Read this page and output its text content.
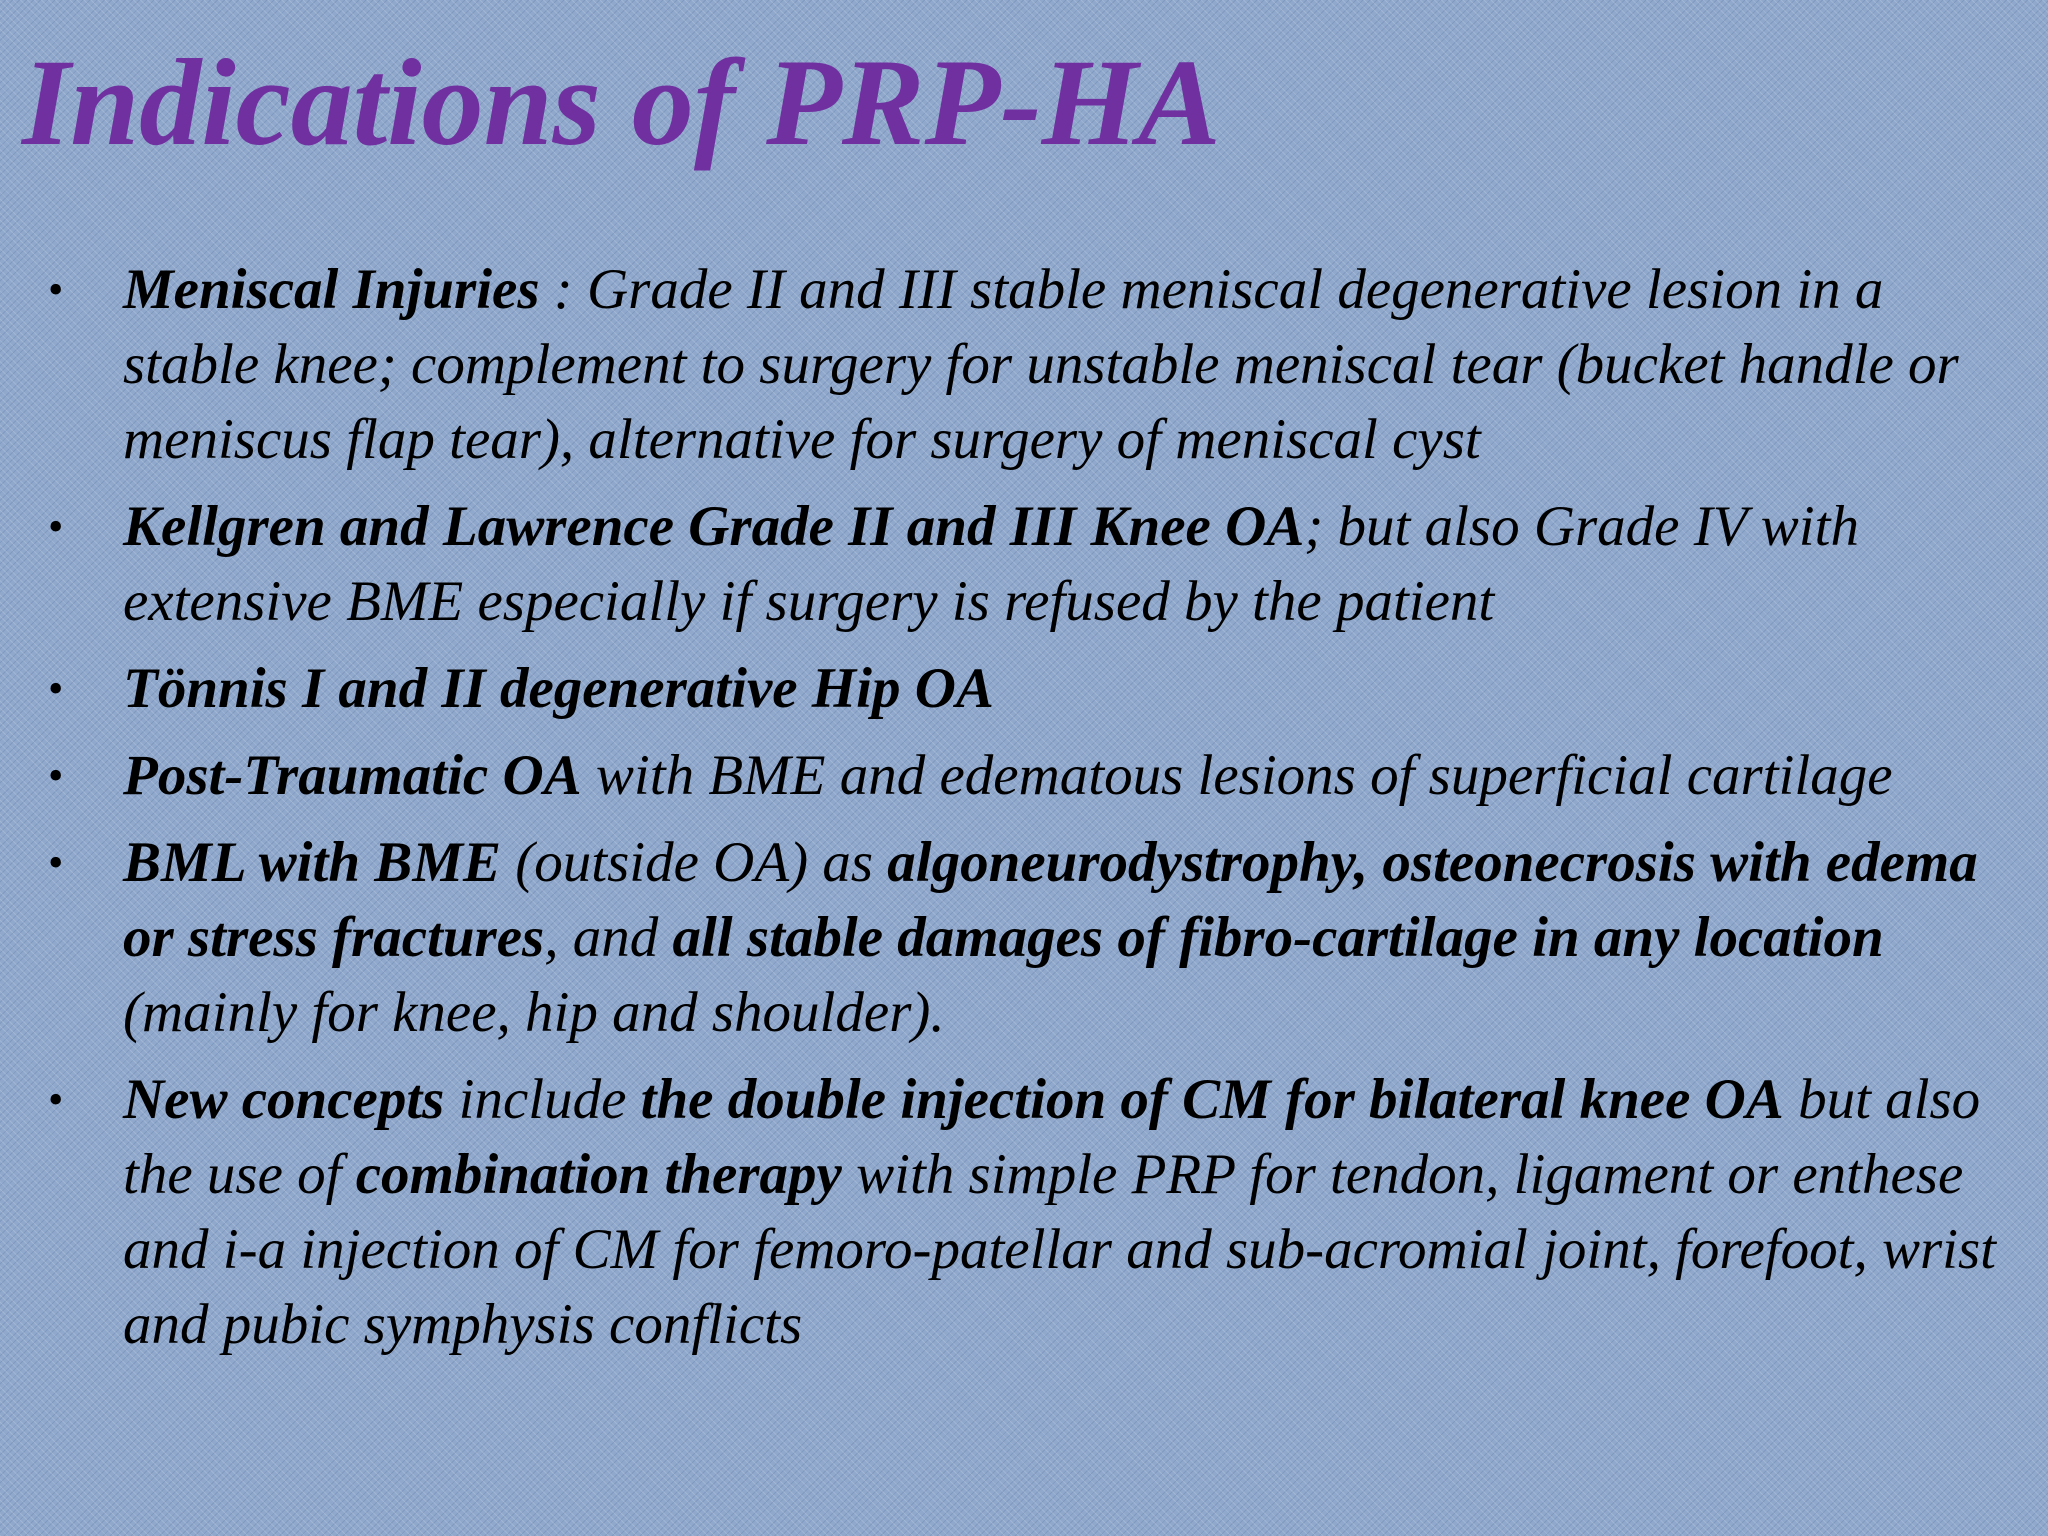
Indications of PRP-HA
• Meniscal Injuries : Grade II and III stable meniscal degenerative lesion in a stable knee; complement to surgery for unstable meniscal tear (bucket handle or meniscus flap tear), alternative for surgery of meniscal cyst
• Kellgren and Lawrence Grade II and III Knee OA; but also Grade IV with extensive BME especially if surgery is refused by the patient
• Tönnis I and II degenerative Hip OA
• Post-Traumatic OA with BME and edematous lesions of superficial cartilage
• BML with BME (outside OA) as algoneurodystrophy, osteonecrosis with edema or stress fractures, and all stable damages of fibro-cartilage in any location (mainly for knee, hip and shoulder).
• New concepts include the double injection of CM for bilateral knee OA but also the use of combination therapy with simple PRP for tendon, ligament or enthese and i-a injection of CM for femoro-patellar and sub-acromial joint, forefoot, wrist and pubic symphysis conflicts
